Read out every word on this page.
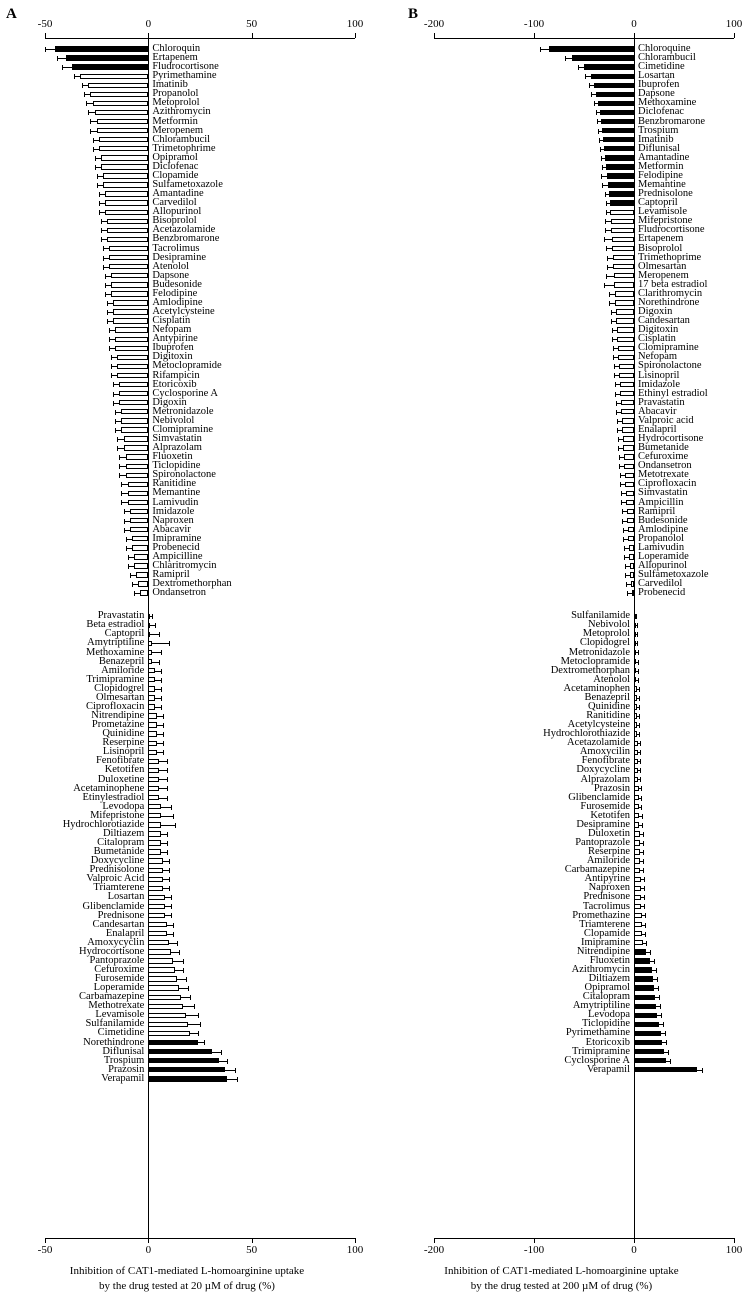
A
-50	0	50	100
Chloroquin
Ertapenem
Fludrocortisone
Pyrimethamine
Imatinib
Propanolol
Metoprolol
Azithromycin
Metformin
Meropenem
Chlorambucil
Trimetophrime
Opipramol
Diclofenac
Clopamide
Sulfametoxazole
Amantadine
Carvedilol
Allopurinol
Bisoprolol
Acetazolamide
Benzbromarone
Tacrolimus
Desipramine
Atenolol
Dapsone
Budesonide
Felodipine
Amlodipine
Acetylcysteine
Cisplatin
Nefopam
Antypirine
Ibuprofen
Digitoxin
Metoclopramide
Rifampicin
Etoricoxib
Cyclosporine A
Digoxin
Metronidazole
Nebivolol
Clomipramine
Simvastatin
Alprazolam
Fluoxetin
Ticlopidine
Spironolactone
Ranitidine
Memantine
Lamivudin
Imidazole
Naproxen
Abacavir
Imipramine
Probenecid
Ampicilline
Chlaritromycin
Ramipril
Dextromethorphan
Ondansetron
Pravastatin
Beta estradiol
Captopril
Amytriptiline
Methoxamine
Benazepril
Amiloride
Trimipramine
Clopidogrel
Olmesartan
Ciprofloxacin
Nitrendipine
Prometazine
Quinidine
Reserpine
Lisinopril
Fenofibrate
Ketotifen
Duloxetine
Acetaminophene
Etinylestradiol
Levodopa
Mifepristone
Hydrochlorotiazide
Diltiazem
Citalopram
Bumetanide
Doxycycline
Prednisolone
Valproic Acid
Triamterene
Losartan
Glibenclamide
Prednisone
Candesartan
Enalapril
Amoxycyclin
Hydrocortisone
Pantoprazole
Cefuroxime
Furosemide
Loperamide
Carbamazepine
Methotrexate
Levamisole
Sulfanilamide
Cimetidine
Norethindrone
Diflunisal
Trospium
Prazosin
Verapamil
-50	0	50	100
Inhibition of CAT1-mediated L-homoarginine uptake
by the drug tested at 20 µM of drug (%)
B
-200	-100	0	100
Chloroquine
Chlorambucil
Cimetidine
Losartan
Ibuprofen
Dapsone
Methoxamine
Diclofenac
Benzbromarone
Trospium
Imatinib
Diflunisal
Amantadine
Metformin
Felodipine
Memantine
Prednisolone
Captopril
Levamisole
Mifepristone
Fludrocortisone
Ertapenem
Bisoprolol
Trimethoprime
Olmesartan
Meropenem
17 beta estradiol
Clarithromycin
Norethindrone
Digoxin
Candesartan
Digitoxin
Cisplatin
Clomipramine
Nefopam
Spironolactone
Lisinopril
Imidazole
Ethinyl estradiol
Pravastatin
Abacavir
Valproic acid
Enalapril
Hydrocortisone
Bumetanide
Cefuroxime
Ondansetron
Metotrexate
Ciprofloxacin
Simvastatin
Ampicillin
Ramipril
Budesonide
Amlodipine
Propanolol
Lamivudin
Loperamide
Allopurinol
Sulfametoxazole
Carvedilol
Probenecid
Sulfanilamide
Nebivolol
Metoprolol
Clopidogrel
Metronidazole
Metoclopramide
Dextromethorphan
Atenolol
Acetaminophen
Benazepril
Quinidine
Ranitidine
Acetylcysteine
Hydrochlorothiazide
Acetazolamide
Amoxycilin
Fenofibrate
Doxycycline
Alprazolam
Prazosin
Glibenclamide
Furosemide
Ketotifen
Desipramine
Duloxetin
Pantoprazole
Reserpine
Amiloride
Carbamazepine
Antipyrine
Naproxen
Prednisone
Tacrolimus
Promethazine
Triamterene
Clopamide
Imipramine
Nitrendipine
Fluoxetin
Azithromycin
Diltiazem
Opipramol
Citalopram
Amytriptiline
Levodopa
Ticlopidine
Pyrimethamine
Etoricoxib
Trimipramine
Cyclosporine A
Verapamil
-200	-100	0	100
Inhibition of CAT1-mediated L-homoarginine uptake
by the drug tested at 200 µM of drug (%)
